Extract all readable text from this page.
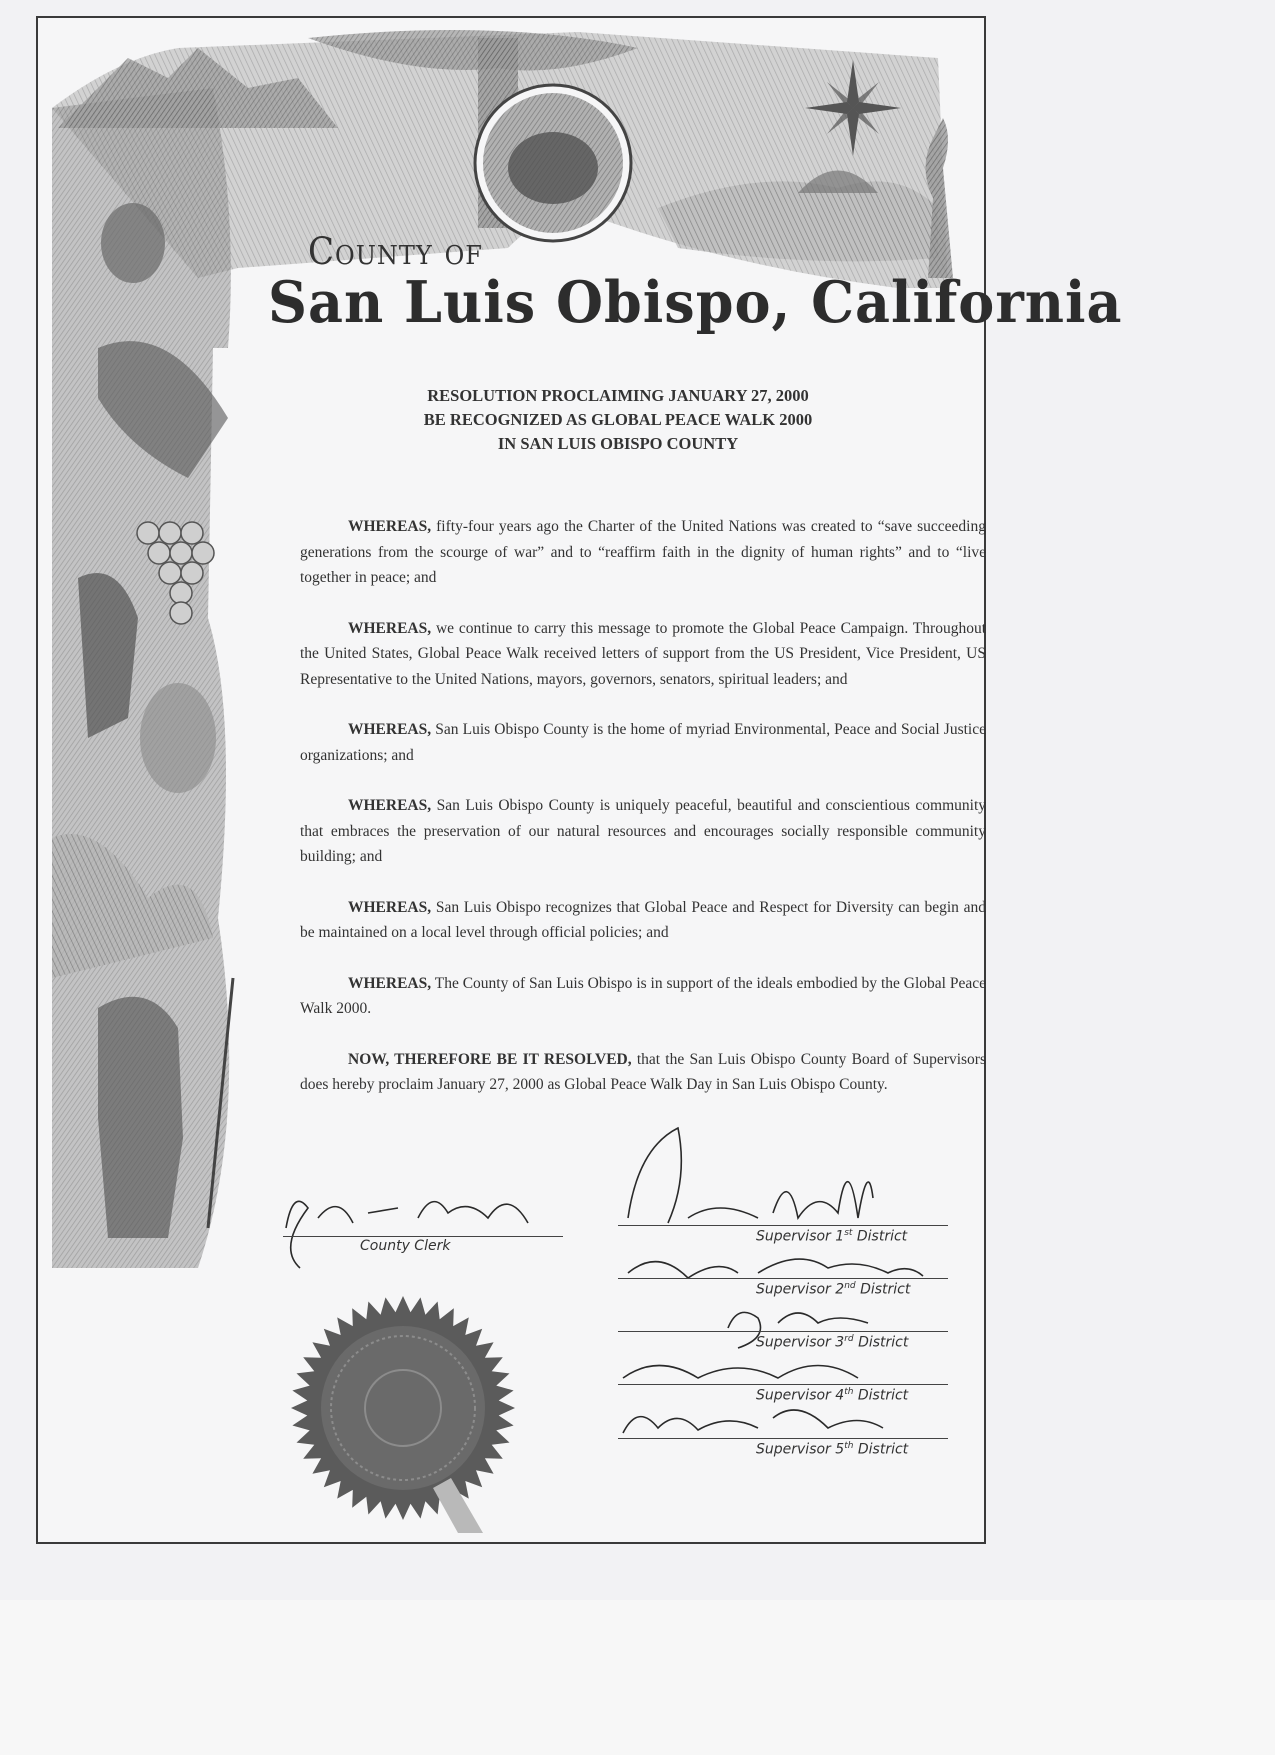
County of
San Luis Obispo, California
RESOLUTION PROCLAIMING JANUARY 27, 2000
BE RECOGNIZED AS GLOBAL PEACE WALK 2000
IN SAN LUIS OBISPO COUNTY

WHEREAS, fifty-four years ago the Charter of the United Nations was created to “save succeeding generations from the scourge of war” and to “reaffirm faith in the dignity of human rights” and to “live together in peace; and

WHEREAS, we continue to carry this message to promote the Global Peace Campaign. Throughout the United States, Global Peace Walk received letters of support from the US President, Vice President, US Representative to the United Nations, mayors, governors, senators, spiritual leaders; and

WHEREAS, San Luis Obispo County is the home of myriad Environmental, Peace and Social Justice organizations; and

WHEREAS, San Luis Obispo County is uniquely peaceful, beautiful and conscientious community that embraces the preservation of our natural resources and encourages socially responsible community building; and

WHEREAS, San Luis Obispo recognizes that Global Peace and Respect for Diversity can begin and be maintained on a local level through official policies; and

WHEREAS, The County of San Luis Obispo is in support of the ideals embodied by the Global Peace Walk 2000.

NOW, THEREFORE BE IT RESOLVED, that the San Luis Obispo County Board of Supervisors does hereby proclaim January 27, 2000 as Global Peace Walk Day in San Luis Obispo County.

County Clerk
Supervisor 1st District
Supervisor 2nd District
Supervisor 3rd District
Supervisor 4th District
Supervisor 5th District
